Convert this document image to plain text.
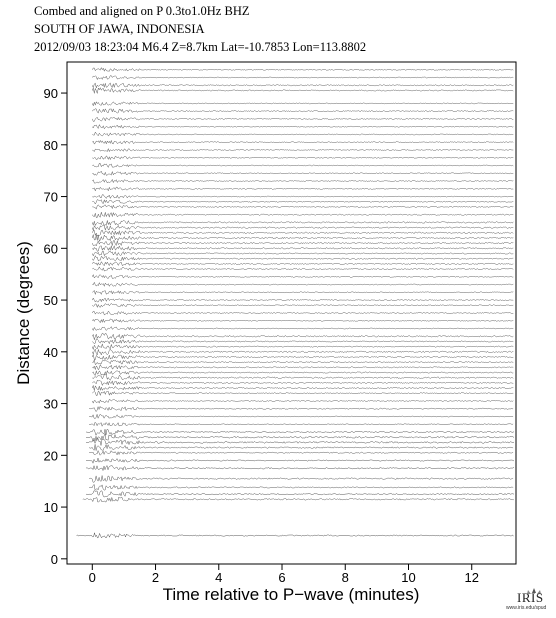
Combed and aligned on P 0.3to1.0Hz BHZ
SOUTH OF JAWA, INDONESIA
2012/09/03 18:23:04 M6.4 Z=8.7km Lat=-10.7853 Lon=113.8802
0	2	4	6	8	10	12
0
10
20
30
40
50
60
70
80
90
Time relative to P−wave (minutes)
Distance (degrees)
IRIS
www.iris.edu/spud
